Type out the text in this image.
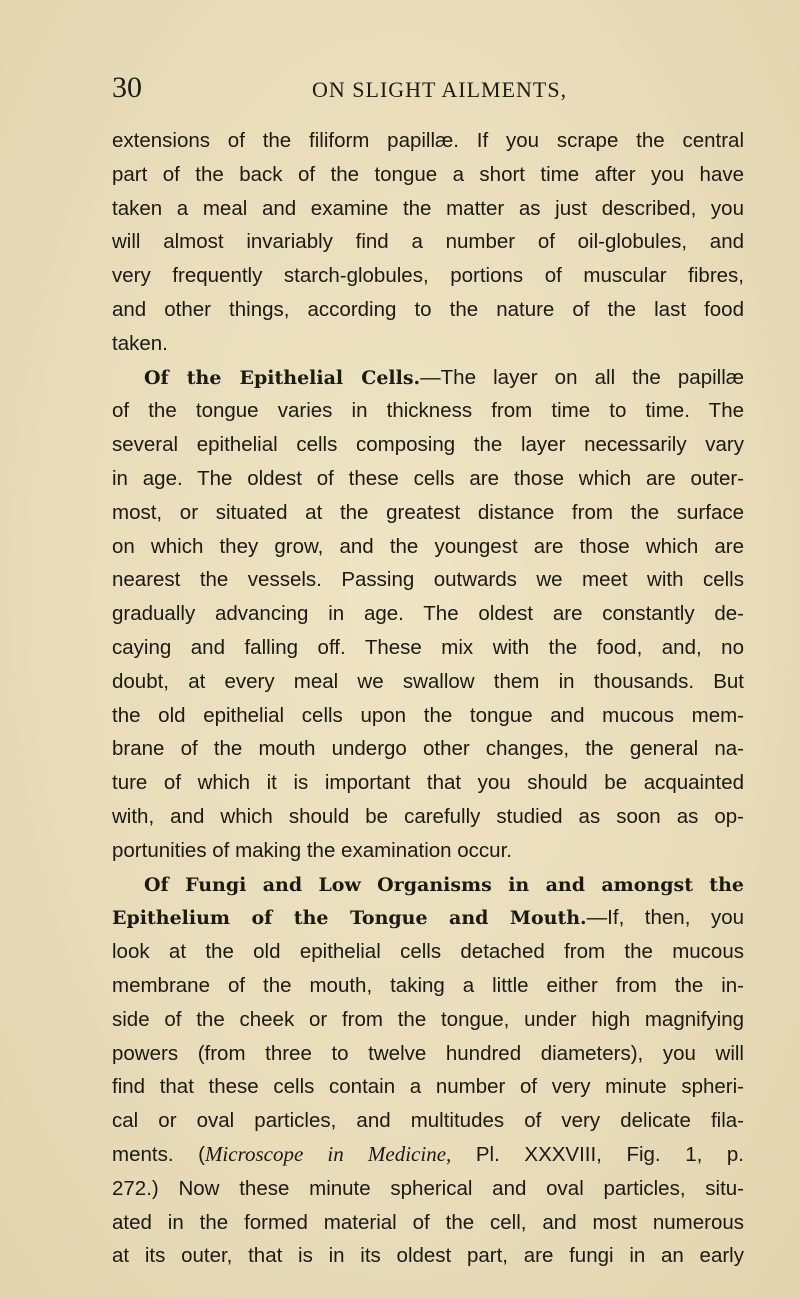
30	ON SLIGHT AILMENTS,
extensions of the filiform papillæ. If you scrape the central
part of the back of the tongue a short time after you have
taken a meal and examine the matter as just described, you
will almost invariably find a number of oil-globules, and
very frequently starch-globules, portions of muscular fibres,
and other things, according to the nature of the last food
taken.
Of the Epithelial Cells.—The layer on all the papillæ
of the tongue varies in thickness from time to time. The
several epithelial cells composing the layer necessarily vary
in age. The oldest of these cells are those which are outer-
most, or situated at the greatest distance from the surface
on which they grow, and the youngest are those which are
nearest the vessels. Passing outwards we meet with cells
gradually advancing in age. The oldest are constantly de-
caying and falling off. These mix with the food, and, no
doubt, at every meal we swallow them in thousands. But
the old epithelial cells upon the tongue and mucous mem-
brane of the mouth undergo other changes, the general na-
ture of which it is important that you should be acquainted
with, and which should be carefully studied as soon as op-
portunities of making the examination occur.
Of Fungi and Low Organisms in and amongst the
Epithelium of the Tongue and Mouth.—If, then, you
look at the old epithelial cells detached from the mucous
membrane of the mouth, taking a little either from the in-
side of the cheek or from the tongue, under high magnifying
powers (from three to twelve hundred diameters), you will
find that these cells contain a number of very minute spheri-
cal or oval particles, and multitudes of very delicate fila-
ments. (Microscope in Medicine, Pl. XXXVIII, Fig. 1, p.
272.) Now these minute spherical and oval particles, situ-
ated in the formed material of the cell, and most numerous
at its outer, that is in its oldest part, are fungi in an early
